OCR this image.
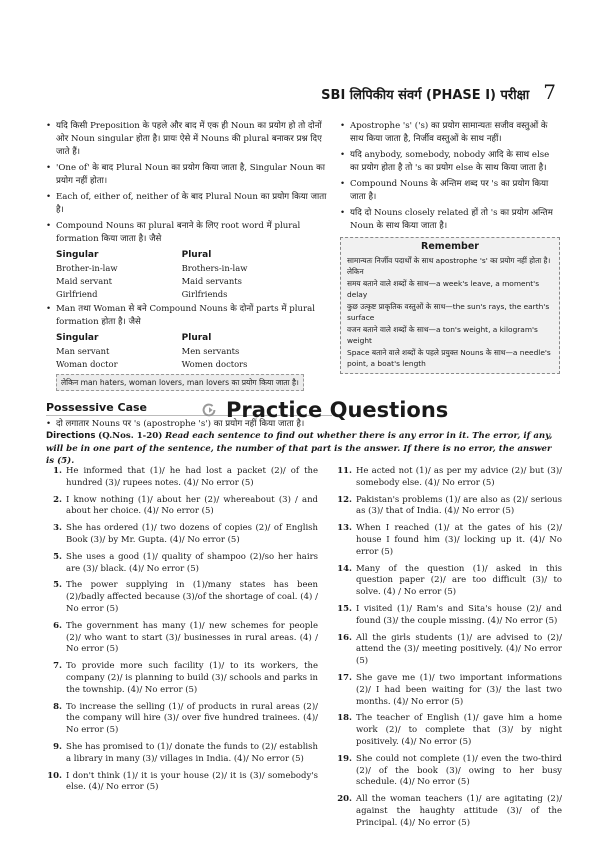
SBI लिपिकीय संवर्ग (PHASE I) परीक्षा 7
• यदि किसी Preposition के पहले और बाद में एक ही Noun का प्रयोग हो तो दोनों ओर Noun singular होता है। प्रायः ऐसे में Nouns की plural बनाकर प्रश्न दिए जाते हैं।
• 'One of' के बाद Plural Noun का प्रयोग किया जाता है, Singular Noun का प्रयोग नहीं होता।
• Each of, either of, neither of के बाद Plural Noun का प्रयोग किया जाता है।
• Compound Nouns का plural बनाने के लिए root word में plural formation किया जाता है। जैसे
Singular	Plural
Brother-in-law	Brothers-in-law
Maid servant	Maid servants
Girlfriend	Girlfriends
• Man तथा Woman से बने Compound Nouns के दोनों parts में plural formation होता है। जैसे
Singular	Plural
Man servant	Men servants
Woman doctor	Women doctors
लेकिन man haters, woman lovers, man lovers का प्रयोग किया जाता है।
Possessive Case
• दो लगातार Nouns पर 's (apostrophe 's') का प्रयोग नहीं किया जाता है।
• Apostrophe 's' ('s) का प्रयोग सामान्यतः सजीव वस्तुओं के साथ किया जाता है, निर्जीव वस्तुओं के साथ नहीं।
• यदि anybody, somebody, nobody आदि के साथ else का प्रयोग होता है तो 's का प्रयोग else के साथ किया जाता है।
• Compound Nouns के अन्तिम शब्द पर 's का प्रयोग किया जाता है।
• यदि दो Nouns closely related हों तो 's का प्रयोग अन्तिम Noun के साथ किया जाता है।
Remember

सामान्यतः निर्जीव पदार्थों के साथ apostrophe 's' का प्रयोग नहीं होता है। लेकिन

समय बताने वाले शब्दों के साथ—a week's leave, a moment's delay

कुछ उत्कृष्ट प्राकृतिक वस्तुओं के साथ—the sun's rays, the earth's surface

वजन बताने वाले शब्दों के साथ—a ton's weight, a kilogram's weight

Space बताने वाले शब्दों के पहले प्रयुक्त Nouns के साथ—a needle's point, a boat's length

Practice Questions
Directions (Q.Nos. 1-20) Read each sentence to find out whether there is any error in it. The error, if any, will be in one part of the sentence, the number of that part is the answer. If there is no error, the answer is (5).
1. He informed that (1)/ he had lost a packet (2)/ of the hundred (3)/ rupees notes. (4)/ No error (5)
2. I know nothing (1)/ about her (2)/ whereabout (3) / and about her choice. (4)/ No error (5)
3. She has ordered (1)/ two dozens of copies (2)/ of English Book (3)/ by Mr. Gupta. (4)/ No error (5)
5. She uses a good (1)/ quality of shampoo (2)/so her hairs are (3)/ black. (4)/ No error (5)
5. The power supplying in (1)/many states has been (2)/badly affected because (3)/of the shortage of coal. (4) / No error (5)
6. The government has many (1)/ new schemes for people (2)/ who want to start (3)/ businesses in rural areas. (4) / No error (5)
7. To provide more such facility (1)/ to its workers, the company (2)/ is planning to build (3)/ schools and parks in the township. (4)/ No error (5)
8. To increase the selling (1)/ of products in rural areas (2)/ the company will hire (3)/ over five hundred trainees. (4)/ No error (5)
9. She has promised to (1)/ donate the funds to (2)/ establish a library in many (3)/ villages in India. (4)/ No error (5)
10. I don't think (1)/ it is your house (2)/ it is (3)/ somebody's else. (4)/ No error (5)
11. He acted not (1)/ as per my advice (2)/ but (3)/ somebody else. (4)/ No error (5)
12. Pakistan's problems (1)/ are also as (2)/ serious as (3)/ that of India. (4)/ No error (5)
13. When I reached (1)/ at the gates of his (2)/ house I found him (3)/ locking up it. (4)/ No error (5)
14. Many of the question (1)/ asked in this question paper (2)/ are too difficult (3)/ to solve. (4) / No error (5)
15. I visited (1)/ Ram's and Sita's house (2)/ and found (3)/ the couple missing. (4)/ No error (5)
16. All the girls students (1)/ are advised to (2)/ attend the (3)/ meeting positively. (4)/ No error (5)
17. She gave me (1)/ two important informations (2)/ I had been waiting for (3)/ the last two months. (4)/ No error (5)
18. The teacher of English (1)/ gave him a home work (2)/ to complete that (3)/ by night positively. (4)/ No error (5)
19. She could not complete (1)/ even the two-third (2)/ of the book (3)/ owing to her busy schedule. (4)/ No error (5)
20. All the woman teachers (1)/ are agitating (2)/ against the haughty attitude (3)/ of the Principal. (4)/ No error (5)
